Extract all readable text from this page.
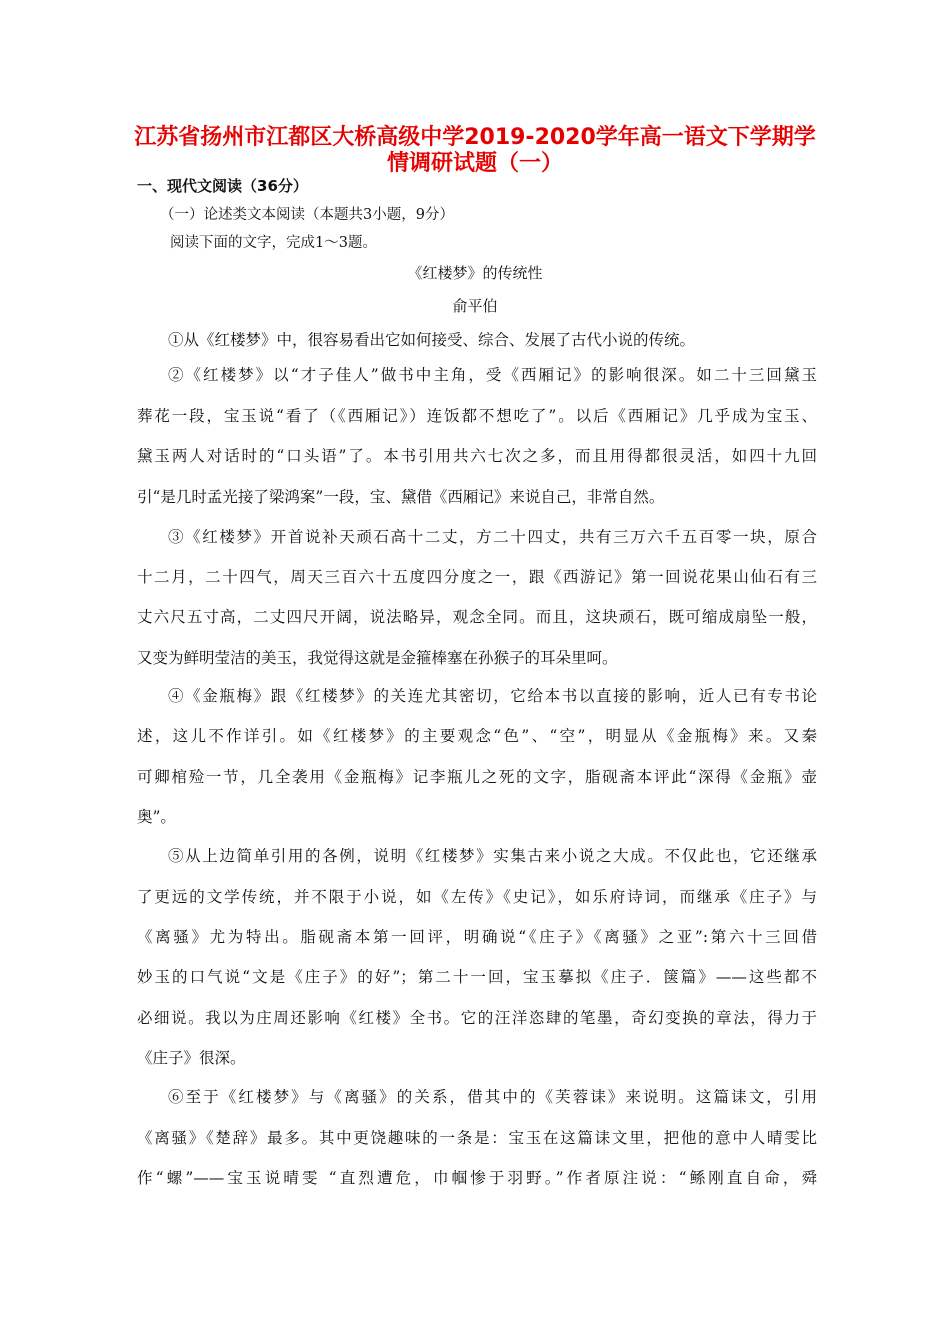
江苏省扬州市江都区大桥高级中学2019-2020学年高一语文下学期学
情调研试题（一）
一、现代文阅读（36分）
（一）论述类文本阅读（本题共3小题，9分）
阅读下面的文字，完成1～3题。
《红楼梦》的传统性
俞平伯
①从《红楼梦》中，很容易看出它如何接受、综合、发展了古代小说的传统。
②《红楼梦》以“才子佳人”做书中主角，受《西厢记》的影响很深。如二十三回黛玉
葬花一段，宝玉说“看了（《西厢记》）连饭都不想吃了”。以后《西厢记》几乎成为宝玉、
黛玉两人对话时的“口头语”了。本书引用共六七次之多，而且用得都很灵活，如四十九回
引“是几时孟光接了梁鸿案”一段，宝、黛借《西厢记》来说自己，非常自然。
③《红楼梦》开首说补天顽石高十二丈，方二十四丈，共有三万六千五百零一块，原合
十二月，二十四气，周天三百六十五度四分度之一，跟《西游记》第一回说花果山仙石有三
丈六尺五寸高，二丈四尺开阔，说法略异，观念全同。而且，这块顽石，既可缩成扇坠一般，
又变为鲜明莹洁的美玉，我觉得这就是金箍棒塞在孙猴子的耳朵里呵。
④《金瓶梅》跟《红楼梦》的关连尤其密切，它给本书以直接的影响，近人已有专书论
述，这儿不作详引。如《红楼梦》的主要观念“色”、“空”，明显从《金瓶梅》来。又秦
可卿棺殓一节，几全袭用《金瓶梅》记李瓶儿之死的文字，脂砚斋本评此“深得《金瓶》壶
奥”。
⑤从上边简单引用的各例，说明《红楼梦》实集古来小说之大成。不仅此也，它还继承
了更远的文学传统，并不限于小说，如《左传》《史记》，如乐府诗词，而继承《庄子》与
《离骚》尤为特出。脂砚斋本第一回评，明确说“《庄子》《离骚》之亚”:第六十三回借
妙玉的口气说“文是《庄子》的好”；第二十一回，宝玉摹拟《庄子．箧篇》——这些都不
必细说。我以为庄周还影响《红楼》全书。它的汪洋恣肆的笔墨，奇幻变换的章法，得力于
《庄子》很深。
⑥至于《红楼梦》与《离骚》的关系，借其中的《芙蓉诔》来说明。这篇诔文，引用
《离骚》《楚辞》最多。其中更饶趣味的一条是：宝玉在这篇诔文里，把他的意中人晴雯比
作“螺”——宝玉说晴雯 “直烈遭危，巾帼惨于羽野。”作者原注说：“鲧刚直自命，舜
